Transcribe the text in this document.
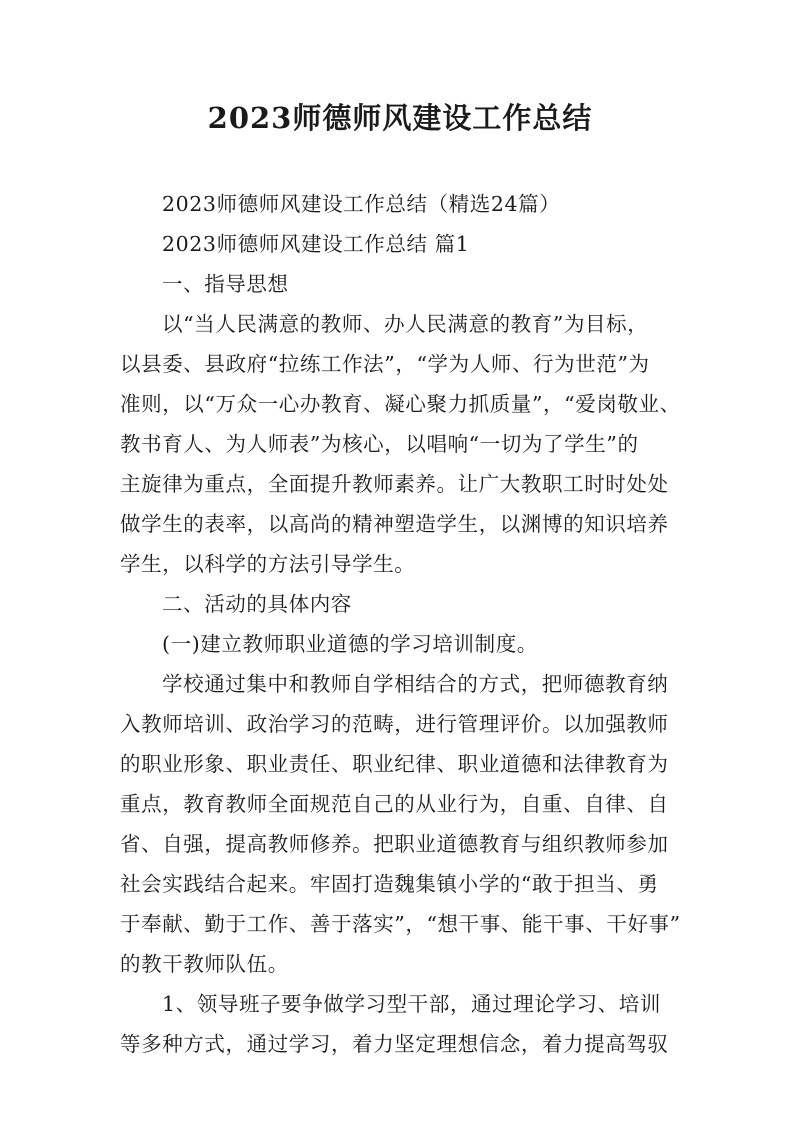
2023师德师风建设工作总结
2023师德师风建设工作总结（精选24篇）
2023师德师风建设工作总结 篇1
一、指导思想
以“当人民满意的教师、办人民满意的教育”为目标，
以县委、县政府“拉练工作法”，“学为人师、行为世范”为
准则，以“万众一心办教育、凝心聚力抓质量”，“爱岗敬业、
教书育人、为人师表”为核心，以唱响“一切为了学生”的
主旋律为重点，全面提升教师素养。让广大教职工时时处处
做学生的表率，以高尚的精神塑造学生，以渊博的知识培养
学生，以科学的方法引导学生。
二、活动的具体内容
(一)建立教师职业道德的学习培训制度。
学校通过集中和教师自学相结合的方式，把师德教育纳
入教师培训、政治学习的范畴，进行管理评价。以加强教师
的职业形象、职业责任、职业纪律、职业道德和法律教育为
重点，教育教师全面规范自己的从业行为，自重、自律、自
省、自强，提高教师修养。把职业道德教育与组织教师参加
社会实践结合起来。牢固打造魏集镇小学的“敢于担当、勇
于奉献、勤于工作、善于落实”，“想干事、能干事、干好事”
的教干教师队伍。
1、领导班子要争做学习型干部，通过理论学习、培训
等多种方式，通过学习，着力坚定理想信念，着力提高驾驭
